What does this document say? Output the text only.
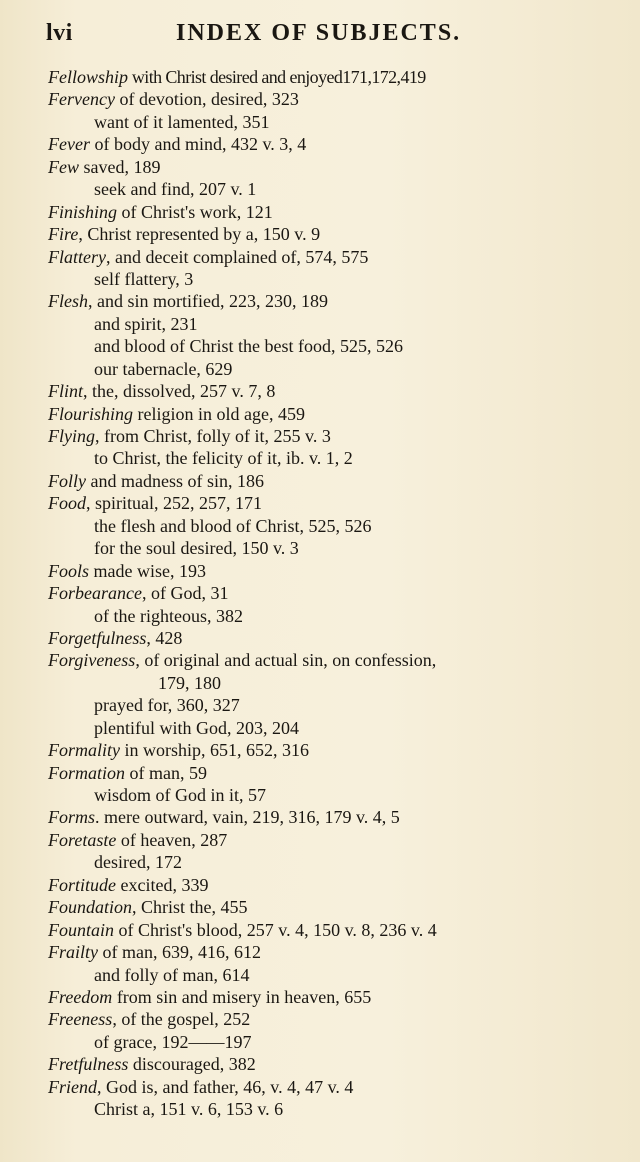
lvi	INDEX OF SUBJECTS.
Fellowship with Christ desired and enjoyed171,172,419
Fervency of devotion, desired, 323
want of it lamented, 351
Fever of body and mind, 432 v. 3, 4
Few saved, 189
seek and find, 207 v. 1
Finishing of Christ's work, 121
Fire, Christ represented by a, 150 v. 9
Flattery, and deceit complained of, 574, 575
self flattery, 3
Flesh, and sin mortified, 223, 230, 189
and spirit, 231
and blood of Christ the best food, 525, 526
our tabernacle, 629
Flint, the, dissolved, 257 v. 7, 8
Flourishing religion in old age, 459
Flying, from Christ, folly of it, 255 v. 3
to Christ, the felicity of it, ib. v. 1, 2
Folly and madness of sin, 186
Food, spiritual, 252, 257, 171
the flesh and blood of Christ, 525, 526
for the soul desired, 150 v. 3
Fools made wise, 193
Forbearance, of God, 31
of the righteous, 382
Forgetfulness, 428
Forgiveness, of original and actual sin, on confession,
179, 180
prayed for, 360, 327
plentiful with God, 203, 204
Formality in worship, 651, 652, 316
Formation of man, 59
wisdom of God in it, 57
Forms. mere outward, vain, 219, 316, 179 v. 4, 5
Foretaste of heaven, 287
desired, 172
Fortitude excited, 339
Foundation, Christ the, 455
Fountain of Christ's blood, 257 v. 4, 150 v. 8, 236 v. 4
Frailty of man, 639, 416, 612
and folly of man, 614
Freedom from sin and misery in heaven, 655
Freeness, of the gospel, 252
of grace, 192——197
Fretfulness discouraged, 382
Friend, God is, and father, 46, v. 4, 47 v. 4
Christ a, 151 v. 6, 153 v. 6
